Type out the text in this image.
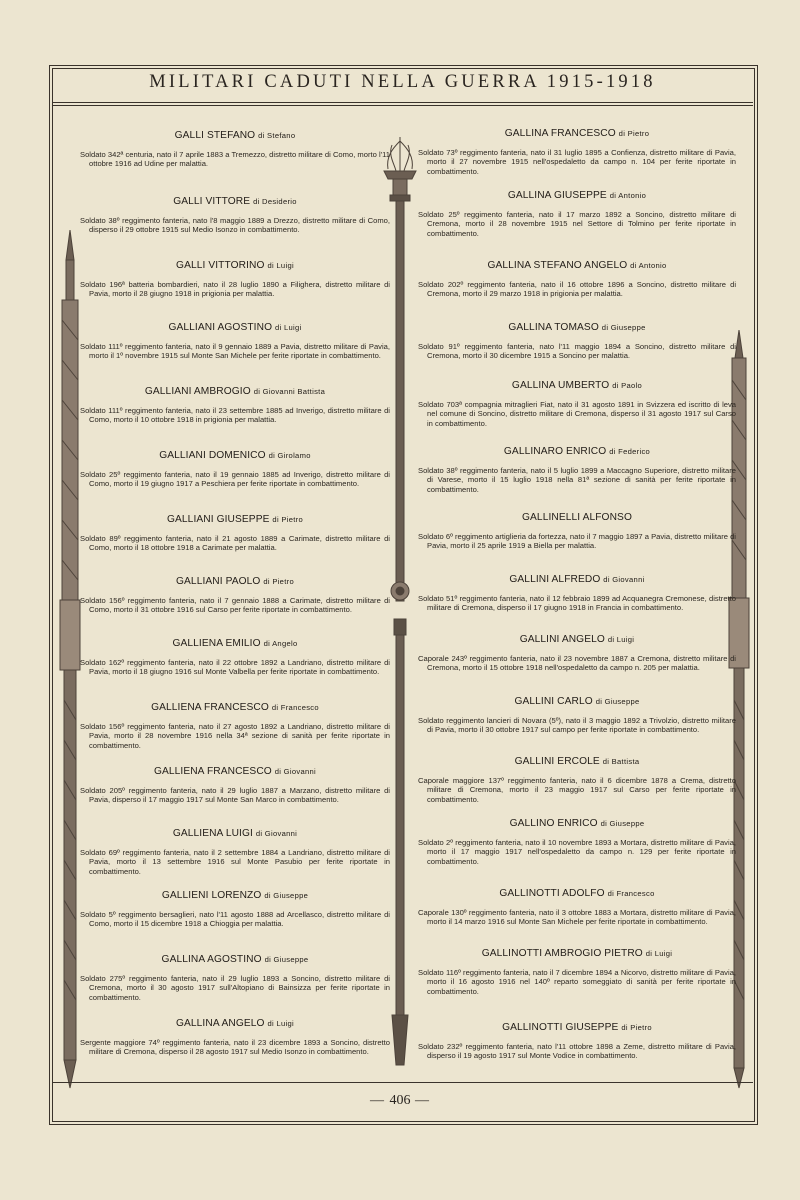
MILITARI CADUTI NELLA GUERRA 1915-1918
GALLI STEFANO di Stefano
Soldato 342ª centuria, nato il 7 aprile 1883 a Tremezzo, distretto militare di Como, morto l'11 ottobre 1916 ad Udine per malattia.
GALLI VITTORE di Desiderio
Soldato 38º reggimento fanteria, nato l'8 maggio 1889 a Drezzo, distretto militare di Como, disperso il 29 ottobre 1915 sul Medio Isonzo in combattimento.
GALLI VITTORINO di Luigi
Soldato 196ª batteria bombardieri, nato il 28 luglio 1890 a Filighera, distretto militare di Pavia, morto il 28 giugno 1918 in prigionia per malattia.
GALLIANI AGOSTINO di Luigi
Soldato 111º reggimento fanteria, nato il 9 gennaio 1889 a Pavia, distretto militare di Pavia, morto il 1º novembre 1915 sul Monte San Michele per ferite riportate in combattimento.
GALLIANI AMBROGIO di Giovanni Battista
Soldato 111º reggimento fanteria, nato il 23 settembre 1885 ad Inverigo, distretto militare di Como, morto il 10 ottobre 1918 in prigionia per malattia.
GALLIANI DOMENICO di Girolamo
Soldato 25º reggimento fanteria, nato il 19 gennaio 1885 ad Inverigo, distretto militare di Como, morto il 19 giugno 1917 a Peschiera per ferite riportate in combattimento.
GALLIANI GIUSEPPE di Pietro
Soldato 89º reggimento fanteria, nato il 21 agosto 1889 a Carimate, distretto militare di Como, morto il 18 ottobre 1918 a Carimate per malattia.
GALLIANI PAOLO di Pietro
Soldato 156º reggimento fanteria, nato il 7 gennaio 1888 a Carimate, distretto militare di Como, morto il 31 ottobre 1916 sul Carso per ferite riportate in combattimento.
GALLIENA EMILIO di Angelo
Soldato 162º reggimento fanteria, nato il 22 ottobre 1892 a Landriano, distretto militare di Pavia, morto il 18 giugno 1916 sul Monte Valbella per ferite riportate in combattimento.
GALLIENA FRANCESCO di Francesco
Soldato 156º reggimento fanteria, nato il 27 agosto 1892 a Landriano, distretto militare di Pavia, morto il 28 novembre 1916 nella 34ª sezione di sanità per ferite riportate in combattimento.
GALLIENA FRANCESCO di Giovanni
Soldato 205º reggimento fanteria, nato il 29 luglio 1887 a Marzano, distretto militare di Pavia, disperso il 17 maggio 1917 sul Monte San Marco in combattimento.
GALLIENA LUIGI di Giovanni
Soldato 69º reggimento fanteria, nato il 2 settembre 1884 a Landriano, distretto militare di Pavia, morto il 13 settembre 1916 sul Monte Pasubio per ferite riportate in combattimento.
GALLIENI LORENZO di Giuseppe
Soldato 5º reggimento bersaglieri, nato l'11 agosto 1888 ad Arcellasco, distretto militare di Como, morto il 15 dicembre 1918 a Chioggia per malattia.
GALLINA AGOSTINO di Giuseppe
Soldato 275º reggimento fanteria, nato il 29 luglio 1893 a Soncino, distretto militare di Cremona, morto il 30 agosto 1917 sull'Altopiano di Bainsizza per ferite riportate in combattimento.
GALLINA ANGELO di Luigi
Sergente maggiore 74º reggimento fanteria, nato il 23 dicembre 1893 a Soncino, distretto militare di Cremona, disperso il 28 agosto 1917 sul Medio Isonzo in combattimento.
GALLINA FRANCESCO di Pietro
Soldato 73º reggimento fanteria, nato il 31 luglio 1895 a Confienza, distretto militare di Pavia, morto il 27 novembre 1915 nell'ospedaletto da campo n. 104 per ferite riportate in combattimento.
GALLINA GIUSEPPE di Antonio
Soldato 25º reggimento fanteria, nato il 17 marzo 1892 a Soncino, distretto militare di Cremona, morto il 28 novembre 1915 nel Settore di Tolmino per ferite riportate in combattimento.
GALLINA STEFANO ANGELO di Antonio
Soldato 202º reggimento fanteria, nato il 16 ottobre 1896 a Soncino, distretto militare di Cremona, morto il 29 marzo 1918 in prigionia per malattia.
GALLINA TOMASO di Giuseppe
Soldato 91º reggimento fanteria, nato l'11 maggio 1894 a Soncino, distretto militare di Cremona, morto il 30 dicembre 1915 a Soncino per malattia.
GALLINA UMBERTO di Paolo
Soldato 703ª compagnia mitraglieri Fiat, nato il 31 agosto 1891 in Svizzera ed iscritto di leva nel comune di Soncino, distretto militare di Cremona, disperso il 31 agosto 1917 sul Carso in combattimento.
GALLINARO ENRICO di Federico
Soldato 38º reggimento fanteria, nato il 5 luglio 1899 a Maccagno Superiore, distretto militare di Varese, morto il 15 luglio 1918 nella 81ª sezione di sanità per ferite riportate in combattimento.
GALLINELLI ALFONSO
Soldato 6º reggimento artiglieria da fortezza, nato il 7 maggio 1897 a Pavia, distretto militare di Pavia, morto il 25 aprile 1919 a Biella per malattia.
GALLINI ALFREDO di Giovanni
Soldato 51º reggimento fanteria, nato il 12 febbraio 1899 ad Acquanegra Cremonese, distretto militare di Cremona, disperso il 17 giugno 1918 in Francia in combattimento.
GALLINI ANGELO di Luigi
Caporale 243º reggimento fanteria, nato il 23 novembre 1887 a Cremona, distretto militare di Cremona, morto il 15 ottobre 1918 nell'ospedaletto da campo n. 205 per malattia.
GALLINI CARLO di Giuseppe
Soldato reggimento lancieri di Novara (5º), nato il 3 maggio 1892 a Trivolzio, distretto militare di Pavia, morto il 30 ottobre 1917 sul campo per ferite riportate in combattimento.
GALLINI ERCOLE di Battista
Caporale maggiore 137º reggimento fanteria, nato il 6 dicembre 1878 a Crema, distretto militare di Cremona, morto il 23 maggio 1917 sul Carso per ferite riportate in combattimento.
GALLINO ENRICO di Giuseppe
Soldato 2º reggimento fanteria, nato il 10 novembre 1893 a Mortara, distretto militare di Pavia, morto il 17 maggio 1917 nell'ospedaletto da campo n. 129 per ferite riportate in combattimento.
GALLINOTTI ADOLFO di Francesco
Caporale 130º reggimento fanteria, nato il 3 ottobre 1883 a Mortara, distretto militare di Pavia, morto il 14 marzo 1916 sul Monte San Michele per ferite riportate in combattimento.
GALLINOTTI AMBROGIO PIETRO di Luigi
Soldato 116º reggimento fanteria, nato il 7 dicembre 1894 a Nicorvo, distretto militare di Pavia, morto il 16 agosto 1916 nel 140º reparto someggiato di sanità per ferite riportate in combattimento.
GALLINOTTI GIUSEPPE di Pietro
Soldato 232º reggimento fanteria, nato l'11 ottobre 1898 a Zeme, distretto militare di Pavia, disperso il 19 agosto 1917 sul Monte Vodice in combattimento.
— 406 —
